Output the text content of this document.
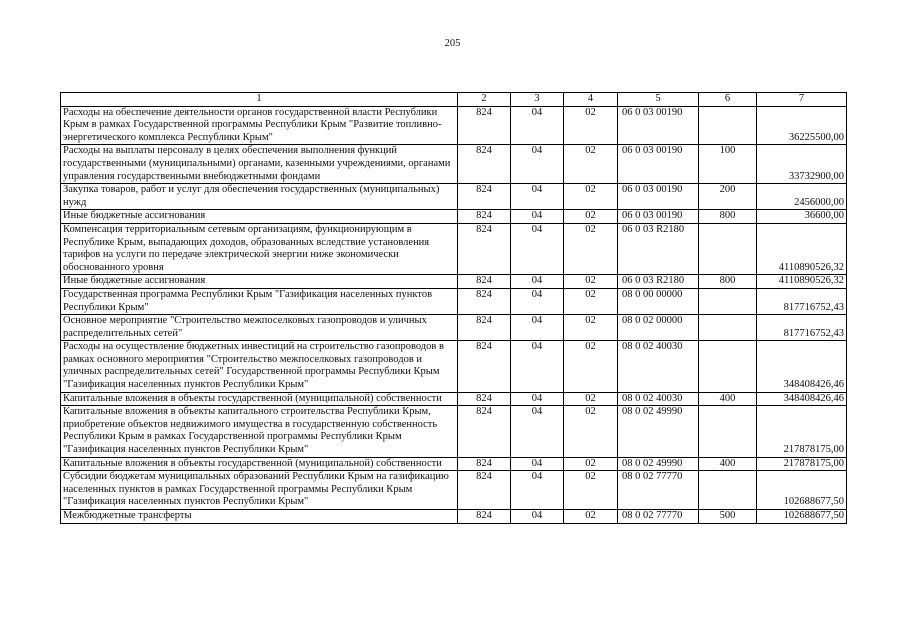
205
1	2	3	4	5	6	7
Расходы на обеспечение деятельности органов государственной власти Республики Крым в рамках Государственной программы Республики Крым "Развитие топливно-энергетического комплекса Республики Крым"	824	04	02	06 0 03 00190		36225500,00
Расходы на выплаты персоналу в целях обеспечения выполнения функций государственными (муниципальными) органами, казенными учреждениями, органами управления государственными внебюджетными фондами	824	04	02	06 0 03 00190	100	33732900,00
Закупка товаров, работ и услуг для обеспечения государственных (муниципальных) нужд	824	04	02	06 0 03 00190	200	2456000,00
Иные бюджетные ассигнования	824	04	02	06 0 03 00190	800	36600,00
Компенсация территориальным сетевым организациям, функционирующим в Республике Крым, выпадающих доходов, образованных вследствие установления тарифов на услуги по передаче электрической энергии ниже экономически обоснованного уровня	824	04	02	06 0 03 R2180		4110890526,32
Иные бюджетные ассигнования	824	04	02	06 0 03 R2180	800	4110890526,32
Государственная программа Республики Крым "Газификация населенных пунктов Республики Крым"	824	04	02	08 0 00 00000		817716752,43
Основное мероприятие "Строительство межпоселковых газопроводов и уличных распределительных сетей"	824	04	02	08 0 02 00000		817716752,43
Расходы на осуществление бюджетных инвестиций на строительство газопроводов в рамках основного мероприятия "Строительство межпоселковых газопроводов и уличных распределительных сетей" Государственной программы Республики Крым "Газификация населенных пунктов Республики Крым"	824	04	02	08 0 02 40030		348408426,46
Капитальные вложения в объекты государственной (муниципальной) собственности	824	04	02	08 0 02 40030	400	348408426,46
Капитальные вложения в объекты капитального строительства Республики Крым, приобретение объектов недвижимого имущества в государственную собственность Республики Крым в рамках Государственной программы Республики Крым "Газификация населенных пунктов Республики Крым"	824	04	02	08 0 02 49990		217878175,00
Капитальные вложения в объекты государственной (муниципальной) собственности	824	04	02	08 0 02 49990	400	217878175,00
Субсидии бюджетам муниципальных образований Республики Крым на газификацию населенных пунктов в рамках Государственной программы Республики Крым "Газификация населенных пунктов Республики Крым"	824	04	02	08 0 02 77770		102688677,50
Межбюджетные трансферты	824	04	02	08 0 02 77770	500	102688677,50
